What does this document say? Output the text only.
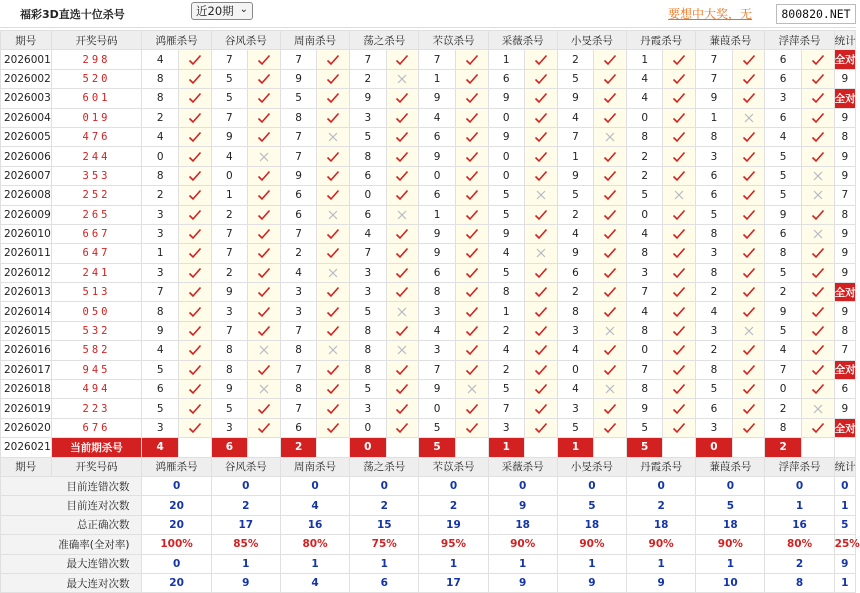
福彩3D直选十位杀号	近20期 ⌄	要想中大奖，无	800820.NET
期号	开奖号码	鸿雁杀号		谷风杀号		周南杀号		荡之杀号		芣苡杀号		采薇杀号		小旻杀号		丹霞杀号		蒹葭杀号		浮萍杀号		统计
2026001	298	4		7		7		7		7		1		2		1		7		6		全对
2026002	520	8		5		9		2		1		6		5		4		7		6		9
2026003	601	8		5		5		9		9		9		9		4		9		3		全对
2026004	019	2		7		8		3		4		0		4		0		1		6		9
2026005	476	4		9		7		5		6		9		7		8		8		4		8
2026006	244	0		4		7		8		9		0		1		2		3		5		9
2026007	353	8		0		9		6		0		0		9		2		6		5		9
2026008	252	2		1		6		0		6		5		5		5		6		5		7
2026009	265	3		2		6		6		1		5		2		0		5		9		8
2026010	667	3		7		7		4		9		9		4		4		8		6		9
2026011	647	1		7		2		7		9		4		9		8		3		8		9
2026012	241	3		2		4		3		6		5		6		3		8		5		9
2026013	513	7		9		3		3		8		8		2		7		2		2		全对
2026014	050	8		3		3		5		3		1		8		4		4		9		9
2026015	532	9		7		7		8		4		2		3		8		3		5		8
2026016	582	4		8		8		8		3		4		4		0		2		4		7
2026017	945	5		8		7		8		7		2		0		7		8		7		全对
2026018	494	6		9		8		5		9		5		4		8		5		0		6
2026019	223	5		5		7		3		0		7		3		9		6		2		9
2026020	676	3		3		6		0		5		3		5		5		3		8		全对
2026021	当前期杀号	4		6		2		0		5		1		1		5		0		2		
期号	开奖号码	鸿雁杀号		谷风杀号		周南杀号		荡之杀号		芣苡杀号		采薇杀号		小旻杀号		丹霞杀号		蒹葭杀号		浮萍杀号		统计
目前连错次数		0		0		0		0		0		0		0		0		0		0		0
目前连对次数		20		2		4		2		2		9		5		2		5		1		1
总正确次数		20		17		16		15		19		18		18		18		18		16		5
准确率(全对率)		100%		85%		80%		75%		95%		90%		90%		90%		90%		80%		25%
最大连错次数		0		1		1		1		1		1		1		1		1		2		9
最大连对次数		20		9		4		6		17		9		9		9		10		8		1
